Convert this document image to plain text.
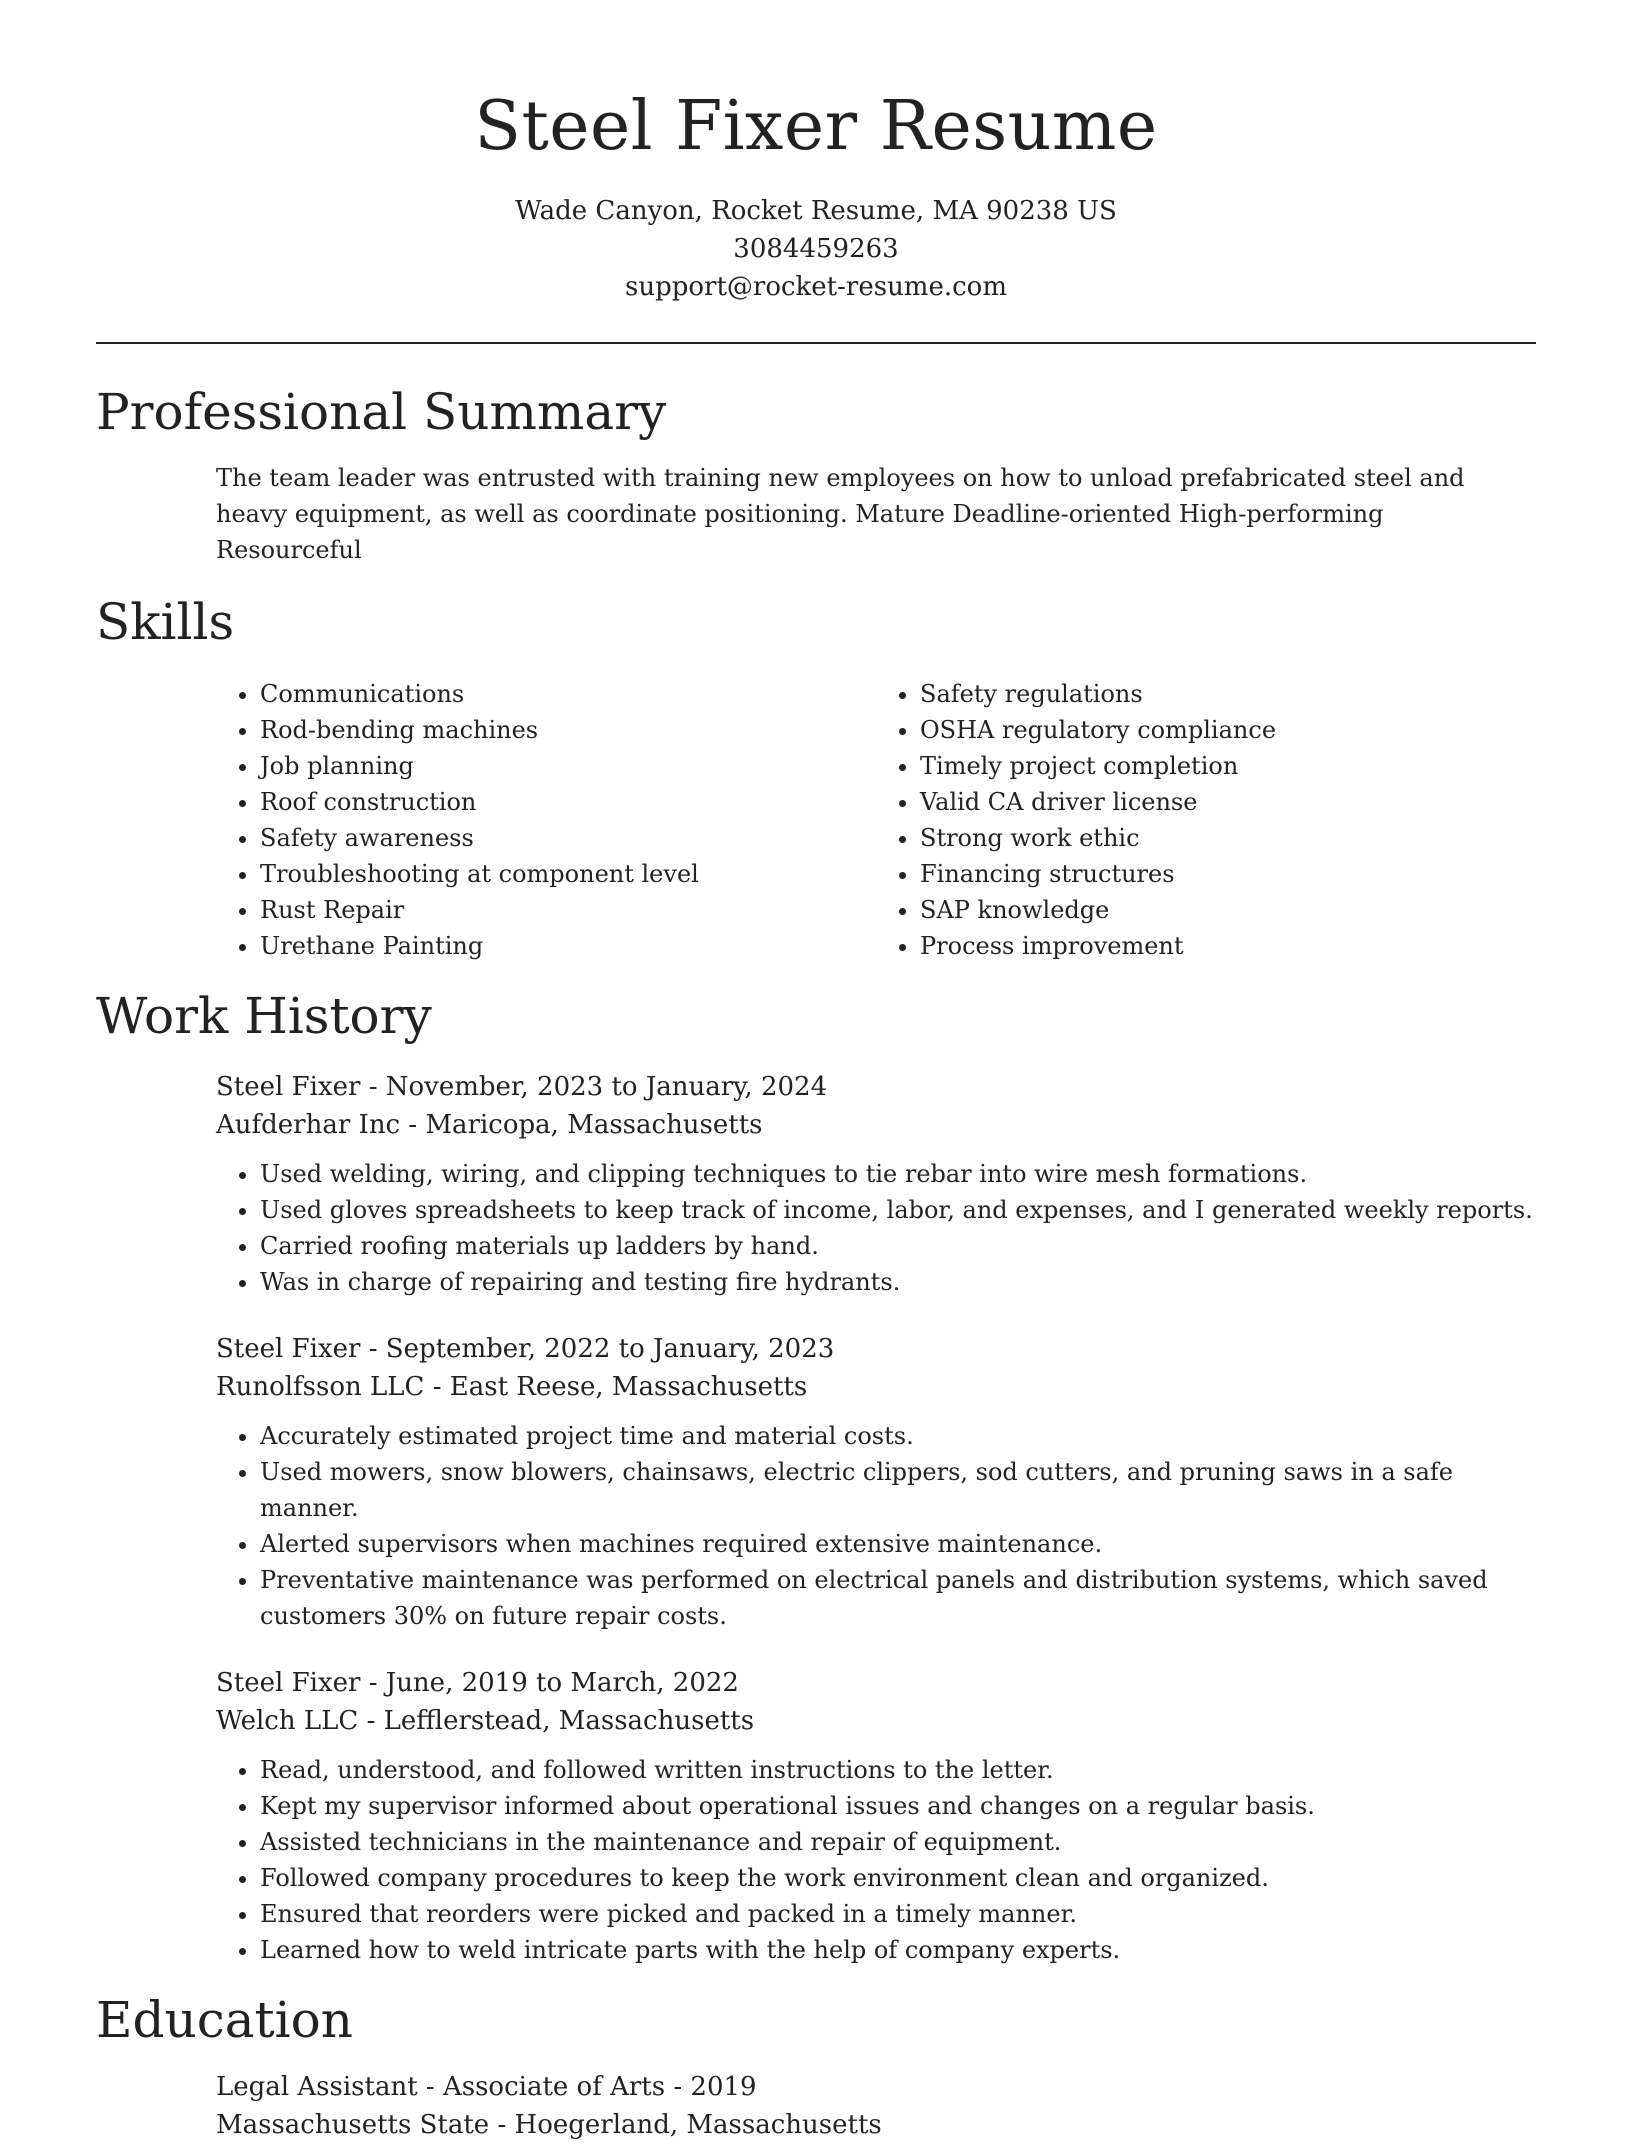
Steel Fixer Resume
Wade Canyon, Rocket Resume, MA 90238 US
3084459263
support@rocket-resume.com
Professional Summary

The team leader was entrusted with training new employees on how to unload prefabricated steel and heavy equipment, as well as coordinate positioning. Mature Deadline-oriented High-performing Resourceful

Skills
• Communications
• Rod-bending machines
• Job planning
• Roof construction
• Safety awareness
• Troubleshooting at component level
• Rust Repair
• Urethane Painting
• Safety regulations
• OSHA regulatory compliance
• Timely project completion
• Valid CA driver license
• Strong work ethic
• Financing structures
• SAP knowledge
• Process improvement
Work History

Steel Fixer - November, 2023 to January, 2024

Aufderhar Inc - Maricopa, Massachusetts

• Used welding, wiring, and clipping techniques to tie rebar into wire mesh formations.
• Used gloves spreadsheets to keep track of income, labor, and expenses, and I generated weekly reports.
• Carried roofing materials up ladders by hand.
• Was in charge of repairing and testing fire hydrants.

Steel Fixer - September, 2022 to January, 2023

Runolfsson LLC - East Reese, Massachusetts

• Accurately estimated project time and material costs.
• Used mowers, snow blowers, chainsaws, electric clippers, sod cutters, and pruning saws in a safe manner.
• Alerted supervisors when machines required extensive maintenance.
• Preventative maintenance was performed on electrical panels and distribution systems, which saved customers 30% on future repair costs.

Steel Fixer - June, 2019 to March, 2022

Welch LLC - Lefflerstead, Massachusetts

• Read, understood, and followed written instructions to the letter.
• Kept my supervisor informed about operational issues and changes on a regular basis.
• Assisted technicians in the maintenance and repair of equipment.
• Followed company procedures to keep the work environment clean and organized.
• Ensured that reorders were picked and packed in a timely manner.
• Learned how to weld intricate parts with the help of company experts.
Education

Legal Assistant - Associate of Arts - 2019

Massachusetts State - Hoegerland, Massachusetts
